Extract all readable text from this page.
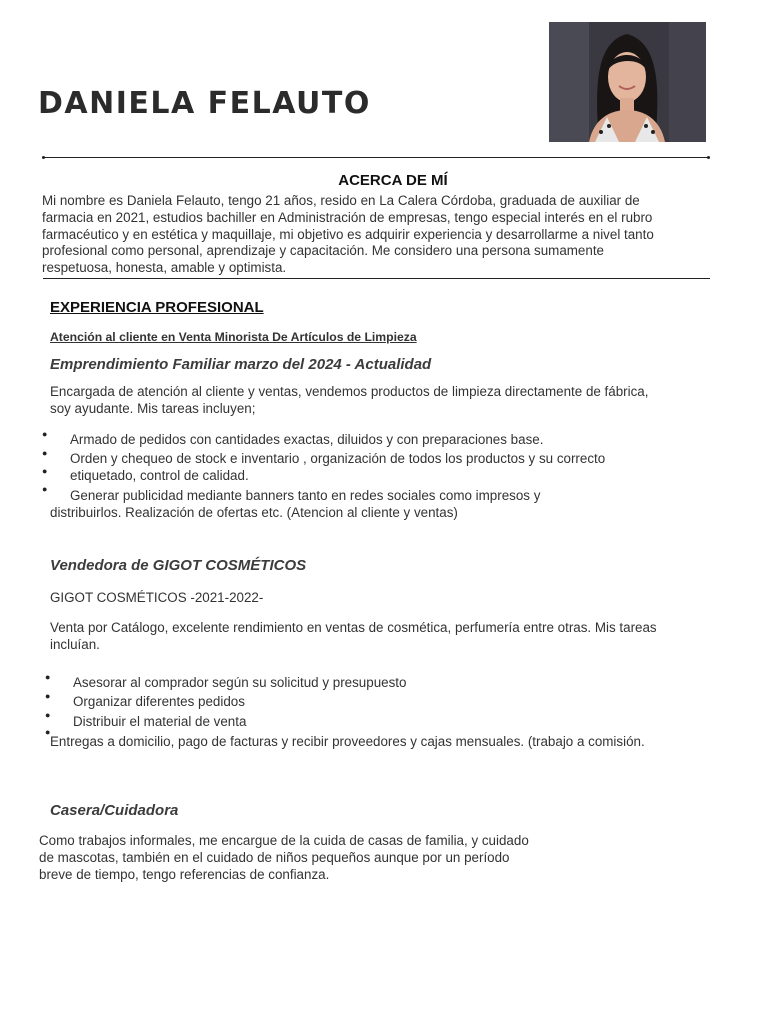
DANIELA FELAUTO
ACERCA DE MÍ
Mi nombre es Daniela Felauto, tengo 21 años, resido en La Calera Córdoba, graduada de auxiliar de
farmacia en 2021, estudios bachiller en Administración de empresas, tengo especial interés en el rubro
farmacéutico y en estética y maquillaje, mi objetivo es adquirir experiencia y desarrollarme a nivel tanto
profesional como personal, aprendizaje y capacitación. Me considero una persona sumamente
respetuosa, honesta, amable y optimista.
EXPERIENCIA PROFESIONAL
Atención al cliente en Venta Minorista De Artículos de Limpieza
Emprendimiento Familiar marzo del 2024 - Actualidad
Encargada de atención al cliente y ventas, vendemos productos de limpieza directamente de fábrica,
soy ayudante. Mis tareas incluyen;
●
●
●
●
Armado de pedidos con cantidades exactas, diluidos y con preparaciones base.
Orden y chequeo de stock e inventario , organización de todos los productos y su correcto
etiquetado, control de calidad.
Generar publicidad mediante banners tanto en redes sociales como impresos y
distribuirlos. Realización de ofertas etc. (Atencion al cliente y ventas)
Vendedora de GIGOT COSMÉTICOS
GIGOT COSMÉTICOS -2021-2022-
Venta por Catálogo, excelente rendimiento en ventas de cosmética, perfumería entre otras. Mis tareas
incluían.
●
●
●
●
Asesorar al comprador según su solicitud y presupuesto
Organizar diferentes pedidos
Distribuir el material de venta
Entregas a domicilio, pago de facturas y recibir proveedores y cajas mensuales. (trabajo a comisión.
Casera/Cuidadora
Como trabajos informales, me encargue de la cuida de casas de familia, y cuidado
de mascotas, también en el cuidado de niños pequeños aunque por un período
breve de tiempo, tengo referencias de confianza.
